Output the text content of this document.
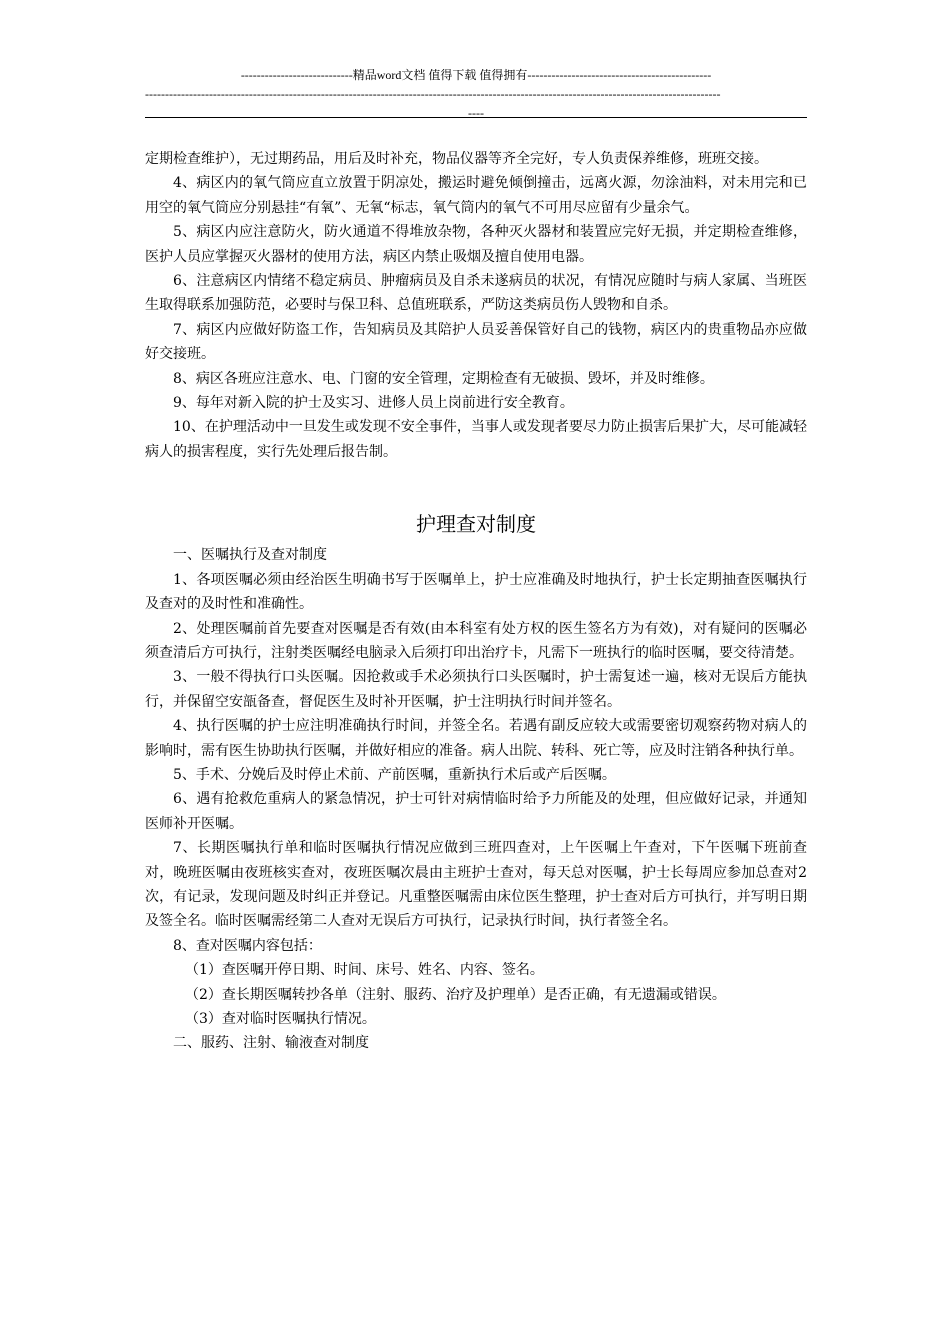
----------------------------精品word文档 值得下载 值得拥有----------------------------------------------
------------------------------------------------------------------------------------------------------------------------------------------------
----

定期检查维护），无过期药品，用后及时补充，物品仪器等齐全完好，专人负责保养维修，班班交接。

4、病区内的氧气筒应直立放置于阴凉处，搬运时避免倾倒撞击，远离火源，勿涂油料，对未用完和已用空的氧气筒应分别悬挂“有氧”、无氧“标志，氧气筒内的氧气不可用尽应留有少量余气。

5、病区内应注意防火，防火通道不得堆放杂物，各种灭火器材和装置应完好无损，并定期检查维修，医护人员应掌握灭火器材的使用方法，病区内禁止吸烟及擅自使用电器。

6、注意病区内情绪不稳定病员、肿瘤病员及自杀未遂病员的状况，有情况应随时与病人家属、当班医生取得联系加强防范，必要时与保卫科、总值班联系，严防这类病员伤人毁物和自杀。

7、病区内应做好防盗工作，告知病员及其陪护人员妥善保管好自己的钱物，病区内的贵重物品亦应做好交接班。

8、病区各班应注意水、电、门窗的安全管理，定期检查有无破损、毁坏，并及时维修。

9、每年对新入院的护士及实习、进修人员上岗前进行安全教育。

10、在护理活动中一旦发生或发现不安全事件，当事人或发现者要尽力防止损害后果扩大，尽可能减轻病人的损害程度，实行先处理后报告制。

护理查对制度

一、医嘱执行及查对制度

1、各项医嘱必须由经治医生明确书写于医嘱单上，护士应准确及时地执行，护士长定期抽查医嘱执行及查对的及时性和准确性。

2、处理医嘱前首先要查对医嘱是否有效(由本科室有处方权的医生签名方为有效)，对有疑问的医嘱必须查清后方可执行，注射类医嘱经电脑录入后须打印出治疗卡，凡需下一班执行的临时医嘱，要交待清楚。

3、一般不得执行口头医嘱。因抢救或手术必须执行口头医嘱时，护士需复述一遍，核对无误后方能执行，并保留空安瓿备查，督促医生及时补开医嘱，护士注明执行时间并签名。

4、执行医嘱的护士应注明准确执行时间，并签全名。若遇有副反应较大或需要密切观察药物对病人的影响时，需有医生协助执行医嘱，并做好相应的准备。病人出院、转科、死亡等，应及时注销各种执行单。

5、手术、分娩后及时停止术前、产前医嘱，重新执行术后或产后医嘱。

6、遇有抢救危重病人的紧急情况，护士可针对病情临时给予力所能及的处理，但应做好记录，并通知医师补开医嘱。

7、长期医嘱执行单和临时医嘱执行情况应做到三班四查对，上午医嘱上午查对，下午医嘱下班前查对，晚班医嘱由夜班核实查对，夜班医嘱次晨由主班护士查对，每天总对医嘱，护士长每周应参加总查对2次，有记录，发现问题及时纠正并登记。凡重整医嘱需由床位医生整理，护士查对后方可执行，并写明日期及签全名。临时医嘱需经第二人查对无误后方可执行，记录执行时间，执行者签全名。

8、查对医嘱内容包括：

（1）查医嘱开停日期、时间、床号、姓名、内容、签名。

（2）查长期医嘱转抄各单（注射、服药、治疗及护理单）是否正确，有无遗漏或错误。

（3）查对临时医嘱执行情况。

二、服药、注射、输液查对制度
